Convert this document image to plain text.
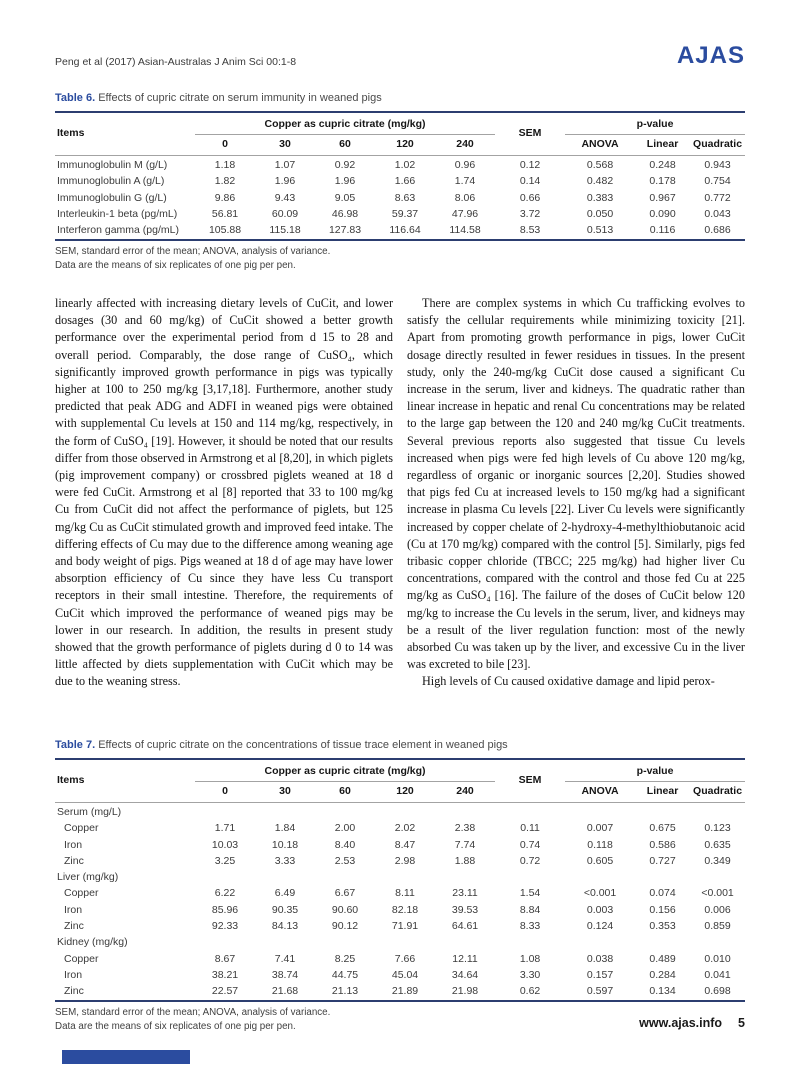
Peng et al (2017) Asian-Australas J Anim Sci 00:1-8	AJAS

Table 6. Effects of cupric citrate on serum immunity in weaned pigs

Items	Copper as cupric citrate (mg/kg)					SEM	p-value		
	0	30	60	120	240		ANOVA	Linear	Quadratic
Immunoglobulin M (g/L)	1.18	1.07	0.92	1.02	0.96	0.12	0.568	0.248	0.943
Immunoglobulin A (g/L)	1.82	1.96	1.96	1.66	1.74	0.14	0.482	0.178	0.754
Immunoglobulin G (g/L)	9.86	9.43	9.05	8.63	8.06	0.66	0.383	0.967	0.772
Interleukin-1 beta (pg/mL)	56.81	60.09	46.98	59.37	47.96	3.72	0.050	0.090	0.043
Interferon gamma (pg/mL)	105.88	115.18	127.83	116.64	114.58	8.53	0.513	0.116	0.686

SEM, standard error of the mean; ANOVA, analysis of variance.

Data are the means of six replicates of one pig per pen.

linearly affected with increasing dietary levels of CuCit, and lower dosages (30 and 60 mg/kg) of CuCit showed a better growth performance over the experimental period from d 15 to 28 and overall period. Comparably, the dose range of CuSO₄, which significantly improved growth performance in pigs was typically higher at 100 to 250 mg/kg [3,17,18]. Furthermore, another study predicted that peak ADG and ADFI in weaned pigs were obtained with supplemental Cu levels at 150 and 114 mg/kg, respectively, in the form of CuSO₄ [19]. However, it should be noted that our results differ from those observed in Armstrong et al [8,20], in which piglets (pig improvement company) or crossbred piglets weaned at 18 d were fed CuCit. Armstrong et al [8] reported that 33 to 100 mg/kg Cu from CuCit did not affect the performance of piglets, but 125 mg/kg Cu as CuCit stimulated growth and improved feed intake. The differing effects of Cu may due to the difference among weaning age and body weight of pigs. Pigs weaned at 18 d of age may have lower absorption efficiency of Cu since they have less Cu transport receptors in their small intestine. Therefore, the requirements of CuCit which improved the performance of weaned pigs may be lower in our research. In addition, the results in present study showed that the growth performance of piglets during d 0 to 14 was little affected by diets supplementation with CuCit which may be due to the weaning stress.

There are complex systems in which Cu trafficking evolves to satisfy the cellular requirements while minimizing toxicity [21]. Apart from promoting growth performance in pigs, lower CuCit dosage directly resulted in fewer residues in tissues. In the present study, only the 240-mg/kg CuCit dose caused a significant Cu increase in the serum, liver and kidneys. The quadratic rather than linear increase in hepatic and renal Cu concentrations may be related to the large gap between the 120 and 240 mg/kg CuCit treatments. Several previous reports also suggested that tissue Cu levels increased when pigs were fed high levels of Cu above 120 mg/kg, regardless of organic or inorganic sources [2,20]. Studies showed that pigs fed Cu at increased levels to 150 mg/kg had a significant increase in plasma Cu levels [22]. Liver Cu levels were significantly increased by copper chelate of 2-hydroxy-4-methylthiobutanoic acid (Cu at 170 mg/kg) compared with the control [5]. Similarly, pigs fed tribasic copper chloride (TBCC; 225 mg/kg) had higher liver Cu concentrations, compared with the control and those fed Cu at 225 mg/kg as CuSO₄ [16]. The failure of the doses of CuCit below 120 mg/kg to increase the Cu levels in the serum, liver, and kidneys may be a result of the liver regulation function: most of the newly absorbed Cu was taken up by the liver, and excessive Cu in the liver was excreted to bile [23].

High levels of Cu caused oxidative damage and lipid perox-

Table 7. Effects of cupric citrate on the concentrations of tissue trace element in weaned pigs

Items	Copper as cupric citrate (mg/kg)					SEM	p-value		
	0	30	60	120	240		ANOVA	Linear	Quadratic
Serum (mg/L)									
Copper	1.71	1.84	2.00	2.02	2.38	0.11	0.007	0.675	0.123
Iron	10.03	10.18	8.40	8.47	7.74	0.74	0.118	0.586	0.635
Zinc	3.25	3.33	2.53	2.98	1.88	0.72	0.605	0.727	0.349
Liver (mg/kg)									
Copper	6.22	6.49	6.67	8.11	23.11	1.54	<0.001	0.074	<0.001
Iron	85.96	90.35	90.60	82.18	39.53	8.84	0.003	0.156	0.006
Zinc	92.33	84.13	90.12	71.91	64.61	8.33	0.124	0.353	0.859
Kidney (mg/kg)									
Copper	8.67	7.41	8.25	7.66	12.11	1.08	0.038	0.489	0.010
Iron	38.21	38.74	44.75	45.04	34.64	3.30	0.157	0.284	0.041
Zinc	22.57	21.68	21.13	21.89	21.98	0.62	0.597	0.134	0.698

SEM, standard error of the mean; ANOVA, analysis of variance.

Data are the means of six replicates of one pig per pen.	www.ajas.info 5
